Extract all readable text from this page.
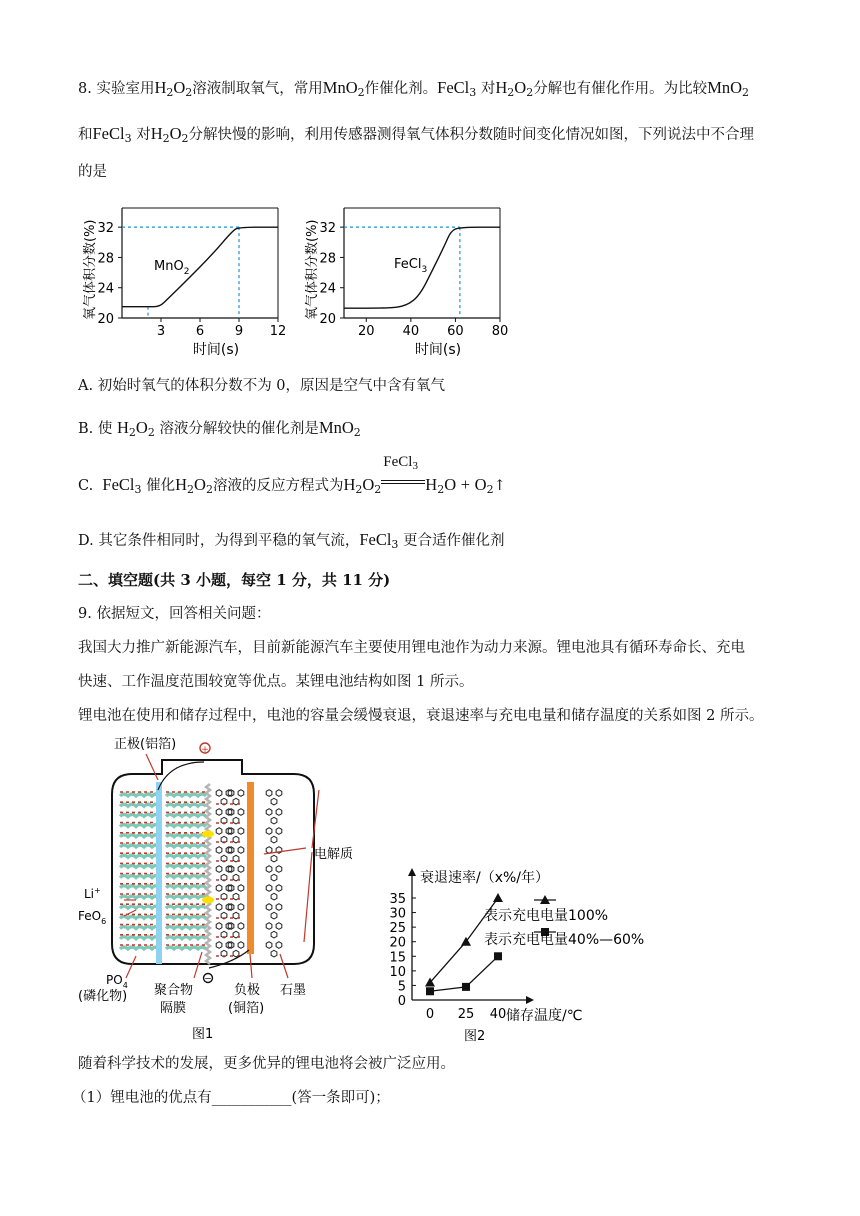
8. 实验室用$H_2O_2$溶液制取氧气，常用MnO$_2$作催化剂。FeCl$_3$ 对$H_2O_2$分解也有催化作用。为比较MnO$_2$
和FeCl$_3$ 对$H_2O_2$分解快慢的影响，利用传感器测得氧气体积分数随时间变化情况如图，下列说法中不合理
的是
20
24
28
32
3 6 9 12
MnO$_2$
氧气体积分数(%)
时间(s)
20
24
28
32
20 40 60 80
FeCl$_3$
氧气体积分数(%)
时间(s)
A. 初始时氧气的体积分数不为 0，原因是空气中含有氧气
B. 使 $H_2O_2$ 溶液分解较快的催化剂是MnO$_2$
C. FeCl$_3$ 催化$H_2O_2$溶液的反应方程式为$H_2O_2$
FeCl$_3$
$H_2O$ + $O_2↑$
D. 其它条件相同时，为得到平稳的氧气流，FeCl$_3$ 更合适作催化剂
二、填空题(共 3 小题，每空 1 分，共 11 分)
9. 依据短文，回答相关问题：
我国大力推广新能源汽车，目前新能源汽车主要使用锂电池作为动力来源。锂电池具有循环寿命长、充电
快速、工作温度范围较宽等优点。某锂电池结构如图 1 所示。
锂电池在使用和储存过程中，电池的容量会缓慢衰退，衰退速率与充电电量和储存温度的关系如图 2 所示。
+
−
正极(铝箔)
电解质
Li+
FeO$_6$
$PO_4$
(磷化物) 聚合物
隔膜
负极
(铜箔)
石墨
图1
0
5
10
15
20
25
30
35
0 25 40
表示充电电量100%
表示充电电量40%—60%
衰退速率/（x%/年）
储存温度/℃
图2
随着科学技术的发展，更多优异的锂电池将会被广泛应用。
（1）锂电池的优点有___________(答一条即可)；
